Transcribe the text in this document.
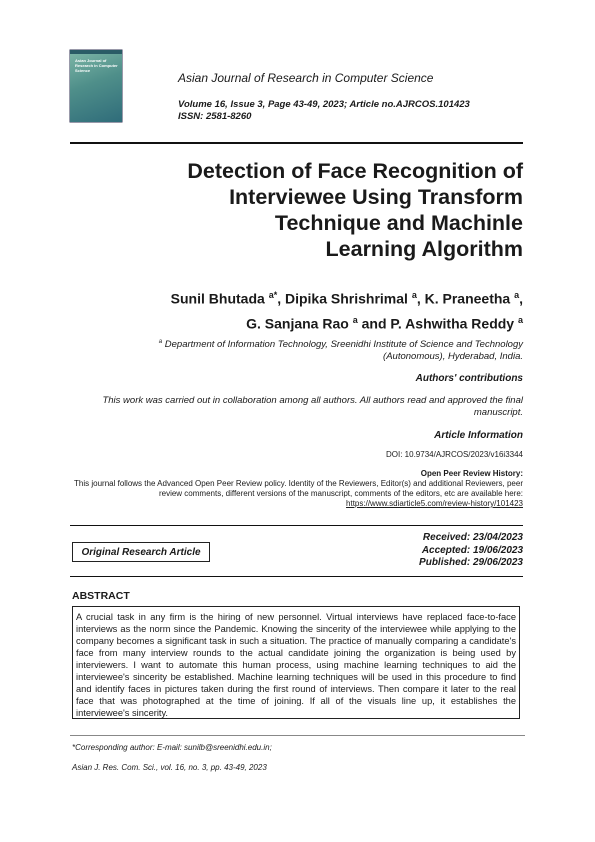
Asian Journal of Research in Computer Science
Asian Journal of Research in Computer Science
Volume 16, Issue 3, Page 43-49, 2023; Article no.AJRCOS.101423
ISSN: 2581-8260
Detection of Face Recognition of
Interviewee Using Transform
Technique and Machinle
Learning Algorithm
Sunil Bhutada $^{a*}$, Dipika Shrishrimal $^a$, K. Praneetha $^a$,
G. Sanjana Rao $^a$ and P. Ashwitha Reddy $^a$
$^a$ Department of Information Technology, Sreenidhi Institute of Science and Technology (Autonomous), Hyderabad, India.
Authors' contributions
This work was carried out in collaboration among all authors. All authors read and approved the final manuscript.
Article Information
DOI: 10.9734/AJRCOS/2023/v16i3344
Open Peer Review History:
This journal follows the Advanced Open Peer Review policy. Identity of the Reviewers, Editor(s) and additional Reviewers, peer review comments, different versions of the manuscript, comments of the editors, etc are available here:
https://www.sdiarticle5.com/review-history/101423
Received: 23/04/2023
Accepted: 19/06/2023
Published: 29/06/2023
Original Research Article
ABSTRACT
A crucial task in any firm is the hiring of new personnel. Virtual interviews have replaced face-to-face interviews as the norm since the Pandemic. Knowing the sincerity of the interviewee while applying to the company becomes a significant task in such a situation. The practice of manually comparing a candidate's face from many interview rounds to the actual candidate joining the organization is being used by interviewers. I want to automate this human process, using machine learning techniques to aid the interviewee's sincerity be established. Machine learning techniques will be used in this procedure to find and identify faces in pictures taken during the first round of interviews. Then compare it later to the real face that was photographed at the time of joining. If all of the visuals line up, it establishes the interviewee's sincerity.
*Corresponding author: E-mail: sunilb@sreenidhi.edu.in;
Asian J. Res. Com. Sci., vol. 16, no. 3, pp. 43-49, 2023
